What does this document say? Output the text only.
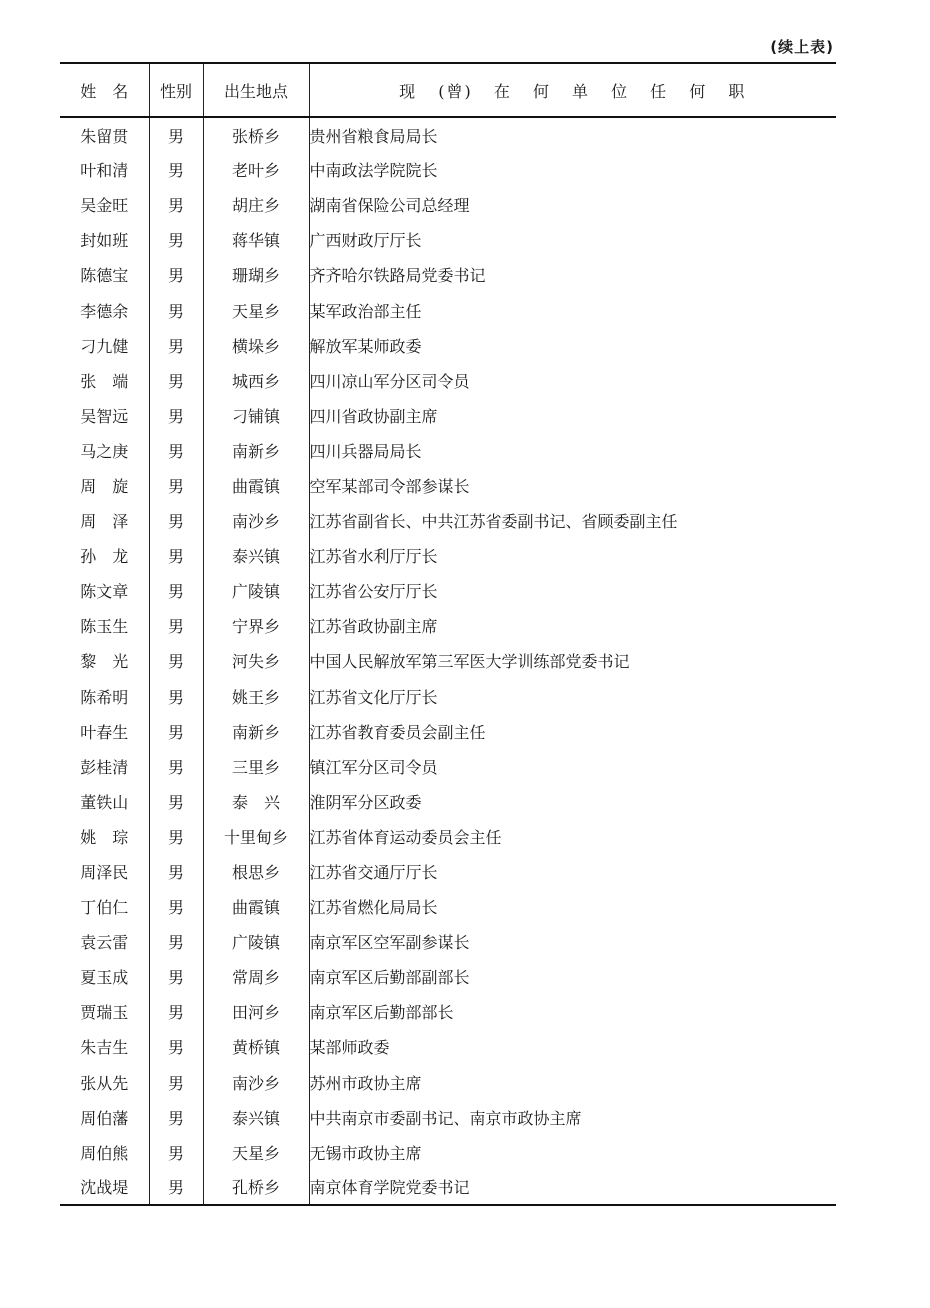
(续上表)
姓　名	性别	出生地点	现 (曾) 在 何 单 位 任 何 职
朱留贯	男	张桥乡	贵州省粮食局局长
叶和清	男	老叶乡	中南政法学院院长
吴金旺	男	胡庄乡	湖南省保险公司总经理
封如班	男	蒋华镇	广西财政厅厅长
陈德宝	男	珊瑚乡	齐齐哈尔铁路局党委书记
李德余	男	天星乡	某军政治部主任
刁九健	男	横垛乡	解放军某师政委
张　端	男	城西乡	四川凉山军分区司令员
吴智远	男	刁铺镇	四川省政协副主席
马之庚	男	南新乡	四川兵器局局长
周　旋	男	曲霞镇	空军某部司令部参谋长
周　泽	男	南沙乡	江苏省副省长、中共江苏省委副书记、省顾委副主任
孙　龙	男	泰兴镇	江苏省水利厅厅长
陈文章	男	广陵镇	江苏省公安厅厅长
陈玉生	男	宁界乡	江苏省政协副主席
黎　光	男	河失乡	中国人民解放军第三军医大学训练部党委书记
陈希明	男	姚王乡	江苏省文化厅厅长
叶春生	男	南新乡	江苏省教育委员会副主任
彭桂清	男	三里乡	镇江军分区司令员
董铁山	男	泰　兴	淮阴军分区政委
姚　琮	男	十里甸乡	江苏省体育运动委员会主任
周泽民	男	根思乡	江苏省交通厅厅长
丁伯仁	男	曲霞镇	江苏省燃化局局长
袁云雷	男	广陵镇	南京军区空军副参谋长
夏玉成	男	常周乡	南京军区后勤部副部长
贾瑞玉	男	田河乡	南京军区后勤部部长
朱吉生	男	黄桥镇	某部师政委
张从先	男	南沙乡	苏州市政协主席
周伯藩	男	泰兴镇	中共南京市委副书记、南京市政协主席
周伯熊	男	天星乡	无锡市政协主席
沈战堤	男	孔桥乡	南京体育学院党委书记
